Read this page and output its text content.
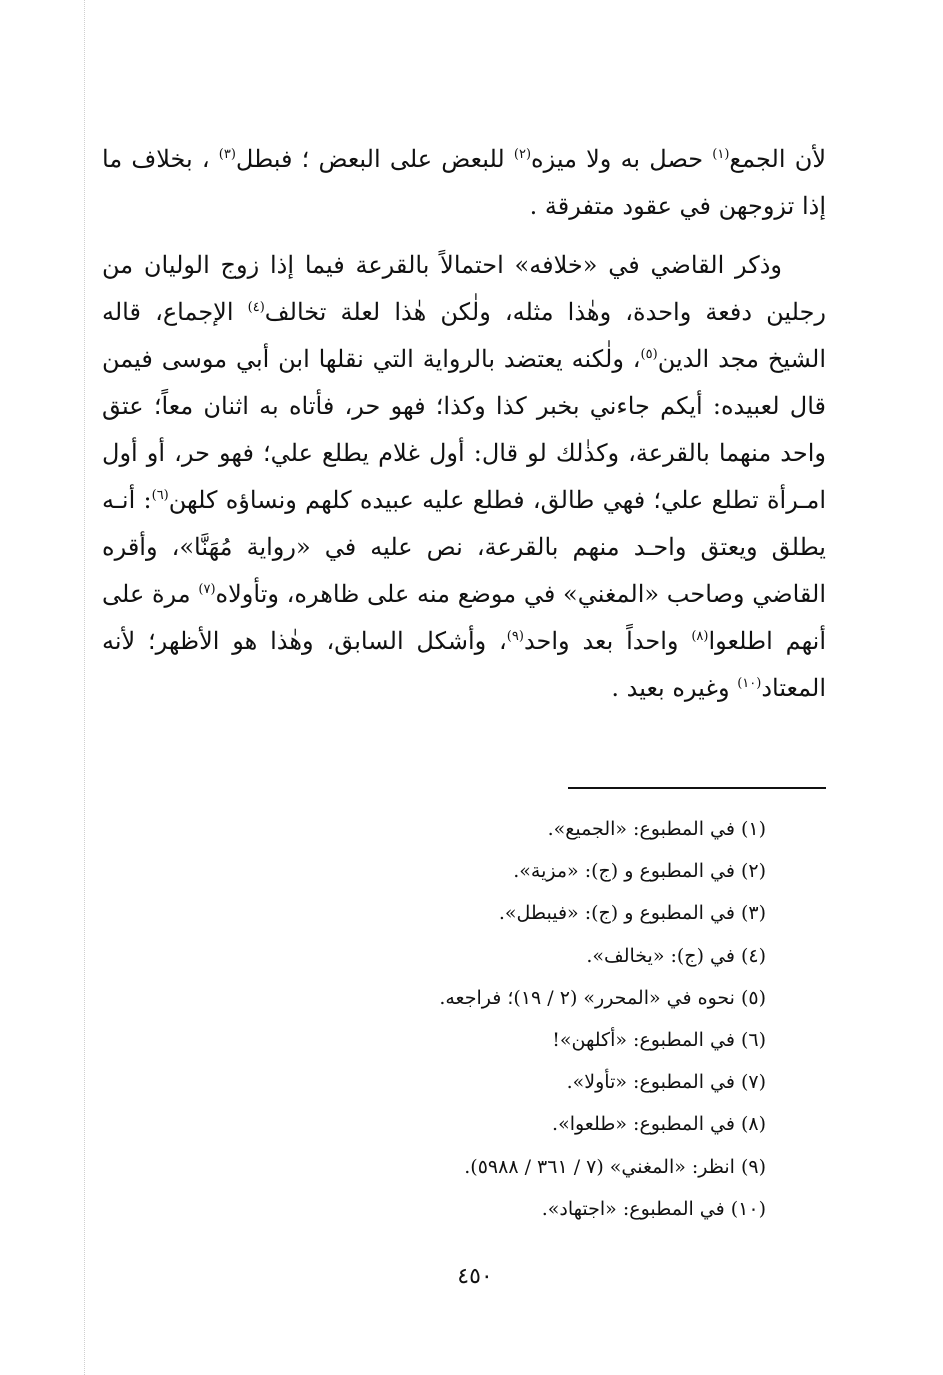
لأن الجمع$^{(١)}$ حصل به ولا ميزه$^{(٢)}$ للبعض على البعض ؛ فبطل$^{(٣)}$ ، بخلاف ما إذا تزوجهن في عقود متفرقة .

وذكر القاضي في «خلافه» احتمالاً بالقرعة فيما إذا زوج الوليان من رجلين دفعة واحدة، وهٰذا مثله، ولٰكن هٰذا لعلة تخالف$^{(٤)}$ الإجماع، قاله الشيخ مجد الدين$^{(٥)}$، ولٰكنه يعتضد بالرواية التي نقلها ابن أبي موسى فيمن قال لعبيده: أيكم جاءني بخبر كذا وكذا؛ فهو حر، فأتاه به اثنان معاً؛ عتق واحد منهما بالقرعة، وكذٰلك لو قال: أول غلام يطلع علي؛ فهو حر، أو أول امـرأة تطلع علي؛ فهي طالق، فطلع عليه عبيده كلهم ونساؤه كلهن$^{(٦)}$: أنـه يطلق ويعتق واحـد منهم بالقرعة، نص عليه في «رواية مُهَنَّا»، وأقره القاضي وصاحب «المغني» في موضع منه على ظاهره، وتأولاه$^{(٧)}$ مرة على أنهم اطلعوا$^{(٨)}$ واحداً بعد واحد$^{(٩)}$، وأشكل السابق، وهٰذا هو الأظهر؛ لأنه المعتاد$^{(١٠)}$ وغيره بعيد .

(١)في المطبوع: «الجميع».
(٢)في المطبوع و (ج): «مزية».
(٣)في المطبوع و (ج): «فيبطل».
(٤)في (ج): «يخالف».
(٥)نحوه في «المحرر» (٢ / ١٩)؛ فراجعه.
(٦)في المطبوع: «أكلهن»!
(٧)في المطبوع: «تأولا».
(٨)في المطبوع: «طلعوا».
(٩)انظر: «المغني» (٧ / ٣٦١ / ٥٩٨٨).
(١٠)في المطبوع: «اجتهاد».
٤٥٠
